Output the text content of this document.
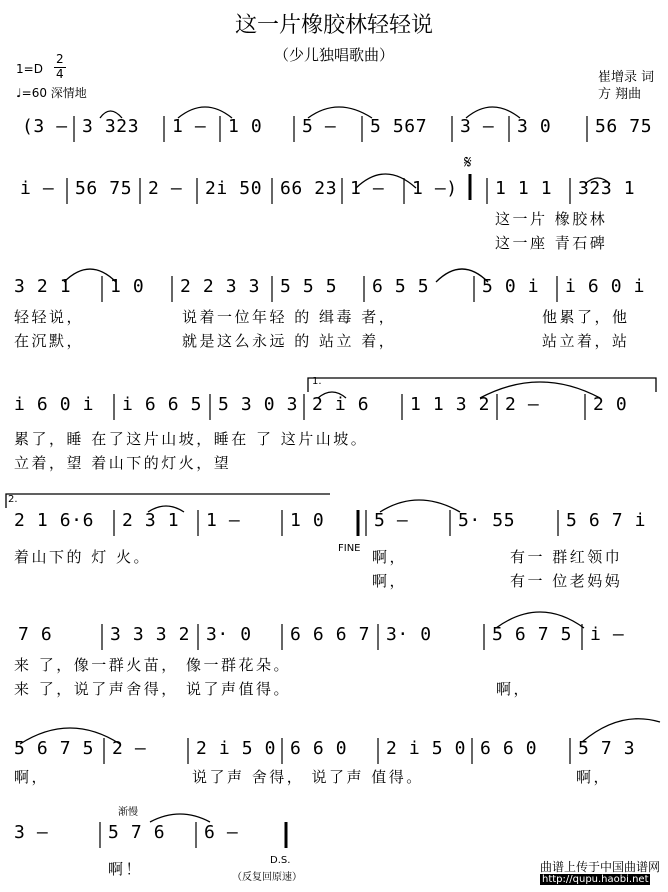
这一片橡胶林轻轻说
（少儿独唱歌曲）
1=D
2
4
♩=60 深情地
崔增录 词
方 翔曲
(3 – 3 323 1 – 1 0 5 – 5 567 3 – 3 0 56 75
i – 56 75 2 – 2i 50 66 23 1 – 1 –) 1 1 1 323 1
这一片 橡胶林
这一座 青石碑
3 2 1 1 0 2 2 3 3 5 5 5 6 5 5	5 0 i i 6 0 i
轻轻说，	说着一位年轻 的 缉毒 者，	他累了，他
在沉默，	就是这么永远 的 站立 着，	站立着，站
i 6 0 i i 6 6 5 5 3 0 3 2 i 6 1 1 3 2 2 –	2 0
累了，睡 在了这片山坡，睡在 了 这片山坡。
立着，望 着山下的灯火，望
2 1 6·6 2 3 1 1 –	1 0	5 –	5· 55	5 6 7 i
着山下的 灯 火。	啊，	有一 群红领巾
啊，	有一 位老妈妈
7 6	3 3 3 2 3· 0 6 6 6 7 3· 0	5 6 7 5 i –
来 了，像一群火苗， 像一群花朵。
来 了，说了声舍得， 说了声值得。	啊，
5 6 7 5 2 –	2 i 5 0 6 6 0 2 i 5 0 6 6 0 5 7 3
啊，	说了声 舍得， 说了声 值得。	啊，
3 –	5 7 6 6 –
啊！
FINE
1.
2.
渐慢
D.S.
（反复回原速）
曲谱上传于中国曲谱网
http://qupu.haobi.net
𝄋
